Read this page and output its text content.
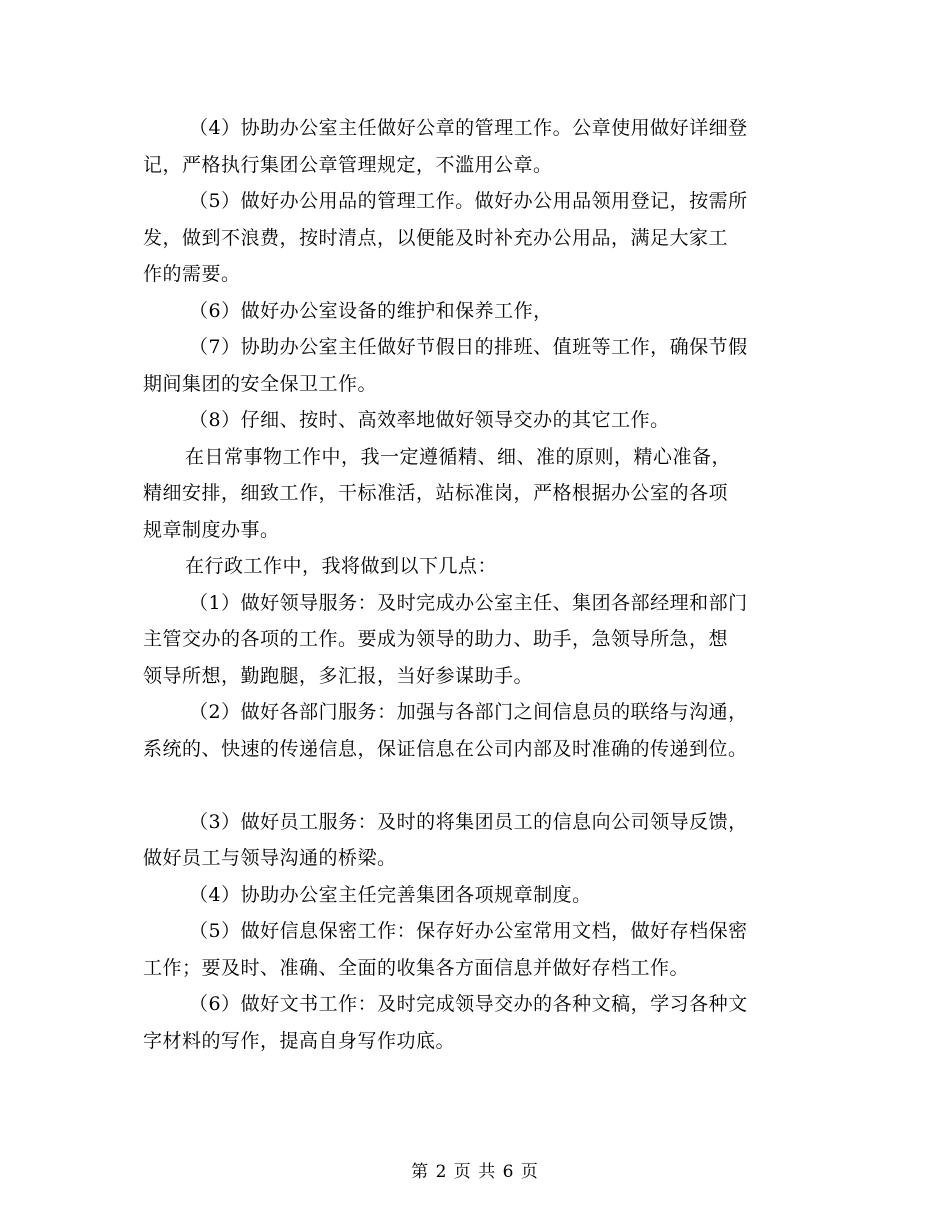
（4）协助办公室主任做好公章的管理工作。公章使用做好详细登
记，严格执行集团公章管理规定，不滥用公章。

（5）做好办公用品的管理工作。做好办公用品领用登记，按需所
发，做到不浪费，按时清点，以便能及时补充办公用品，满足大家工
作的需要。

（6）做好办公室设备的维护和保养工作，

（7）协助办公室主任做好节假日的排班、值班等工作，确保节假
期间集团的安全保卫工作。

（8）仔细、按时、高效率地做好领导交办的其它工作。

在日常事物工作中，我一定遵循精、细、准的原则，精心准备，
精细安排，细致工作，干标准活，站标准岗，严格根据办公室的各项
规章制度办事。

在行政工作中，我将做到以下几点：

（1）做好领导服务：及时完成办公室主任、集团各部经理和部门
主管交办的各项的工作。要成为领导的助力、助手，急领导所急，想
领导所想，勤跑腿，多汇报，当好参谋助手。

（2）做好各部门服务：加强与各部门之间信息员的联络与沟通，
系统的、快速的传递信息，保证信息在公司内部及时准确的传递到位。

（3）做好员工服务：及时的将集团员工的信息向公司领导反馈，
做好员工与领导沟通的桥梁。

（4）协助办公室主任完善集团各项规章制度。

（5）做好信息保密工作：保存好办公室常用文档，做好存档保密
工作；要及时、准确、全面的收集各方面信息并做好存档工作。

（6）做好文书工作：及时完成领导交办的各种文稿，学习各种文
字材料的写作，提高自身写作功底。

第 2 页 共 6 页
